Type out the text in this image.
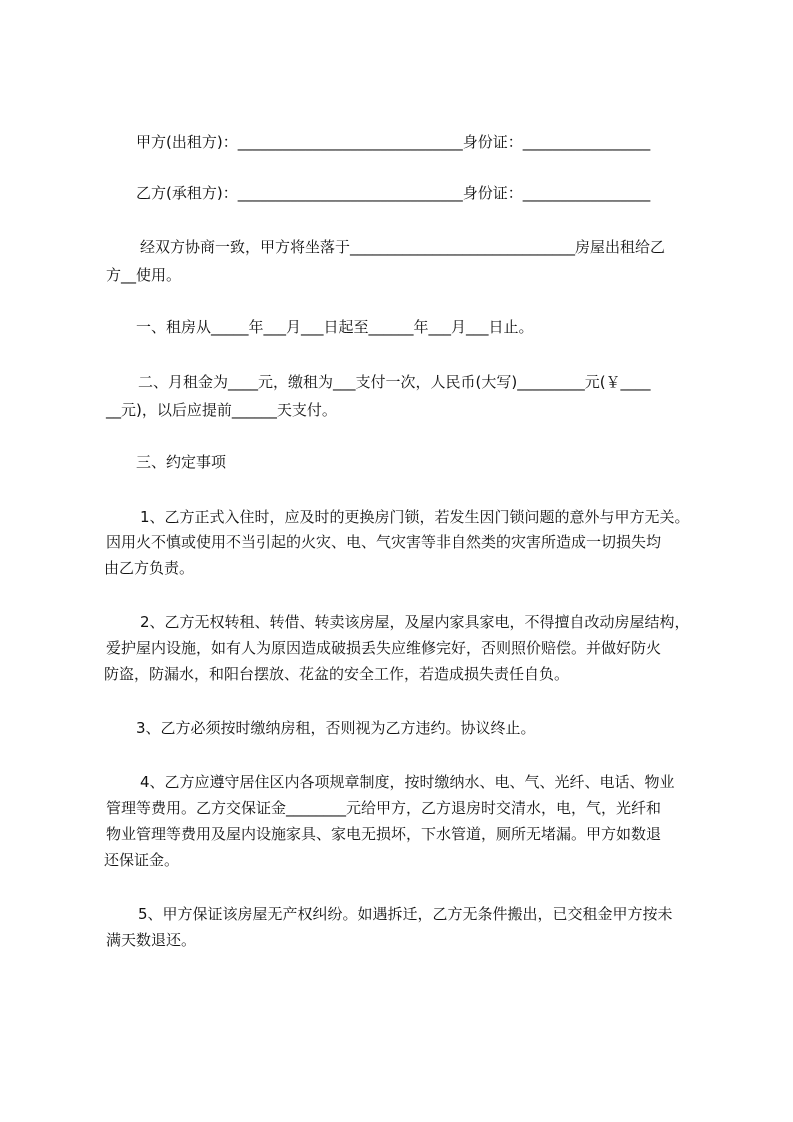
甲方(出租方)：______________________________身份证：_________________
乙方(承租方)：______________________________身份证：_________________
经双方协商一致，甲方将坐落于______________________________房屋出租给乙
方__使用。
一、租房从_____年___月___日起至______年___月___日止。
二、月租金为____元，缴租为___支付一次，人民币(大写)_________元(￥____
__元)，以后应提前______天支付。
三、约定事项
1、乙方正式入住时，应及时的更换房门锁，若发生因门锁问题的意外与甲方无关。
因用火不慎或使用不当引起的火灾、电、气灾害等非自然类的灾害所造成一切损失均
由乙方负责。
2、乙方无权转租、转借、转卖该房屋，及屋内家具家电，不得擅自改动房屋结构，
爱护屋内设施，如有人为原因造成破损丢失应维修完好，否则照价赔偿。并做好防火
防盗，防漏水，和阳台摆放、花盆的安全工作，若造成损失责任自负。
3、乙方必须按时缴纳房租，否则视为乙方违约。协议终止。
4、乙方应遵守居住区内各项规章制度，按时缴纳水、电、气、光纤、电话、物业
管理等费用。乙方交保证金________元给甲方，乙方退房时交清水，电，气，光纤和
物业管理等费用及屋内设施家具、家电无损坏，下水管道，厕所无堵漏。甲方如数退
还保证金。
5、甲方保证该房屋无产权纠纷。如遇拆迁，乙方无条件搬出，已交租金甲方按未
满天数退还。
